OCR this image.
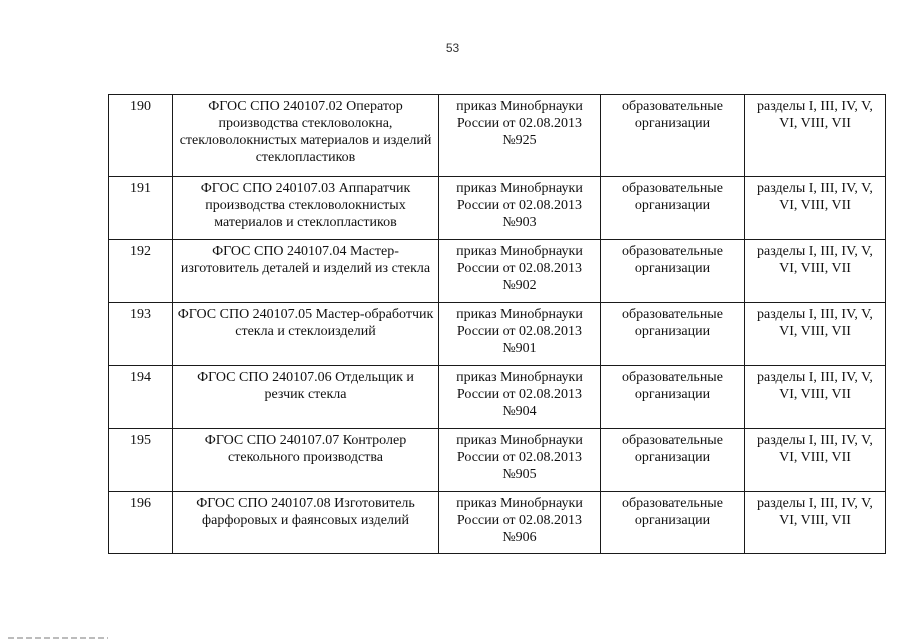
53
190	ФГОС СПО 240107.02 Оператор производства стекловолокна, стекловолокнистых материалов и изделий стеклопластиков	приказ Минобрнауки России от 02.08.2013 №925	образовательные организации	разделы I, III, IV, V, VI, VIII, VII
191	ФГОС СПО 240107.03 Аппаратчик производства стекловолокнистых материалов и стеклопластиков	приказ Минобрнауки России от 02.08.2013 №903	образовательные организации	разделы I, III, IV, V, VI, VIII, VII
192	ФГОС СПО 240107.04 Мастер-изготовитель деталей и изделий из стекла	приказ Минобрнауки России от 02.08.2013 №902	образовательные организации	разделы I, III, IV, V, VI, VIII, VII
193	ФГОС СПО 240107.05 Мастер-обработчик стекла и стеклоизделий	приказ Минобрнауки России от 02.08.2013 №901	образовательные организации	разделы I, III, IV, V, VI, VIII, VII
194	ФГОС СПО 240107.06 Отдельщик и резчик стекла	приказ Минобрнауки России от 02.08.2013 №904	образовательные организации	разделы I, III, IV, V, VI, VIII, VII
195	ФГОС СПО 240107.07 Контролер стекольного производства	приказ Минобрнауки России от 02.08.2013 №905	образовательные организации	разделы I, III, IV, V, VI, VIII, VII
196	ФГОС СПО 240107.08 Изготовитель фарфоровых и фаянсовых изделий	приказ Минобрнауки России от 02.08.2013 №906	образовательные организации	разделы I, III, IV, V, VI, VIII, VII
